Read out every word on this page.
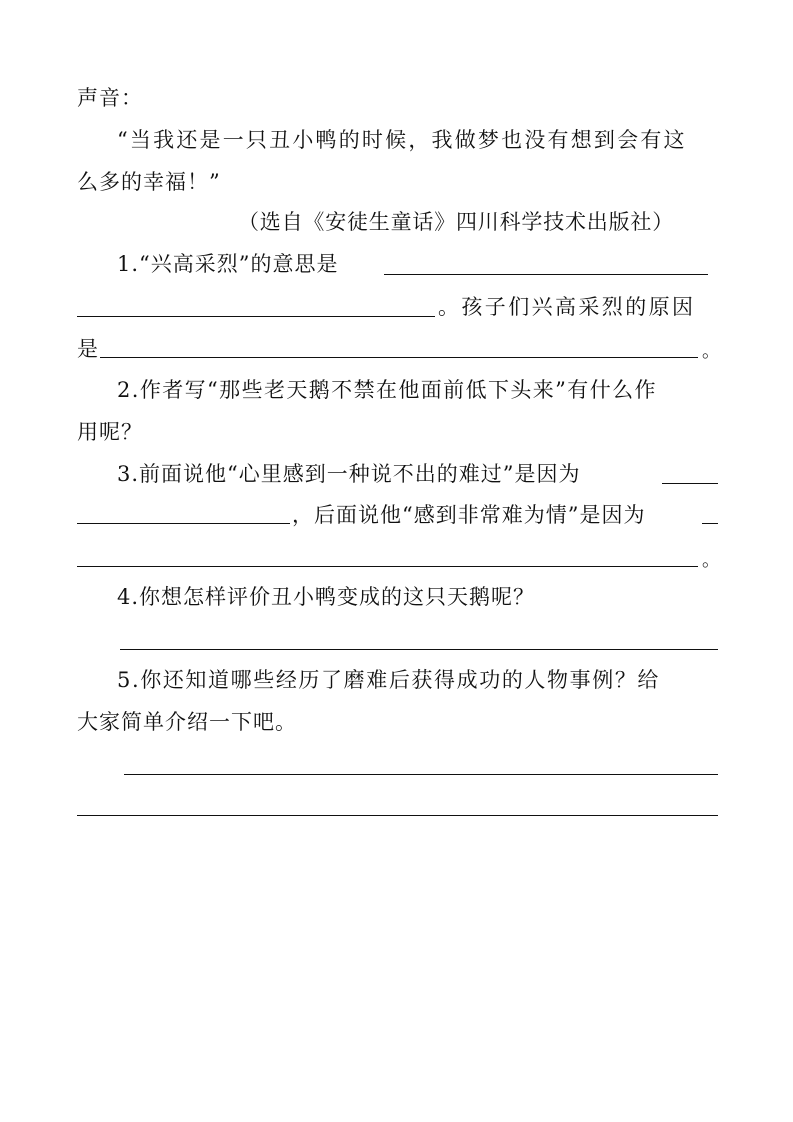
声音：
“当我还是一只丑小鸭的时候，我做梦也没有想到会有这
么多的幸福！”
（选自《安徒生童话》四川科学技术出版社）
1.“兴高采烈”的意思是
。孩子们兴高采烈的原因
是	。
2.作者写“那些老天鹅不禁在他面前低下头来”有什么作
用呢？
3.前面说他“心里感到一种说不出的难过”是因为
，后面说他“感到非常难为情”是因为
。
4.你想怎样评价丑小鸭变成的这只天鹅呢？
5.你还知道哪些经历了磨难后获得成功的人物事例？给
大家简单介绍一下吧。
